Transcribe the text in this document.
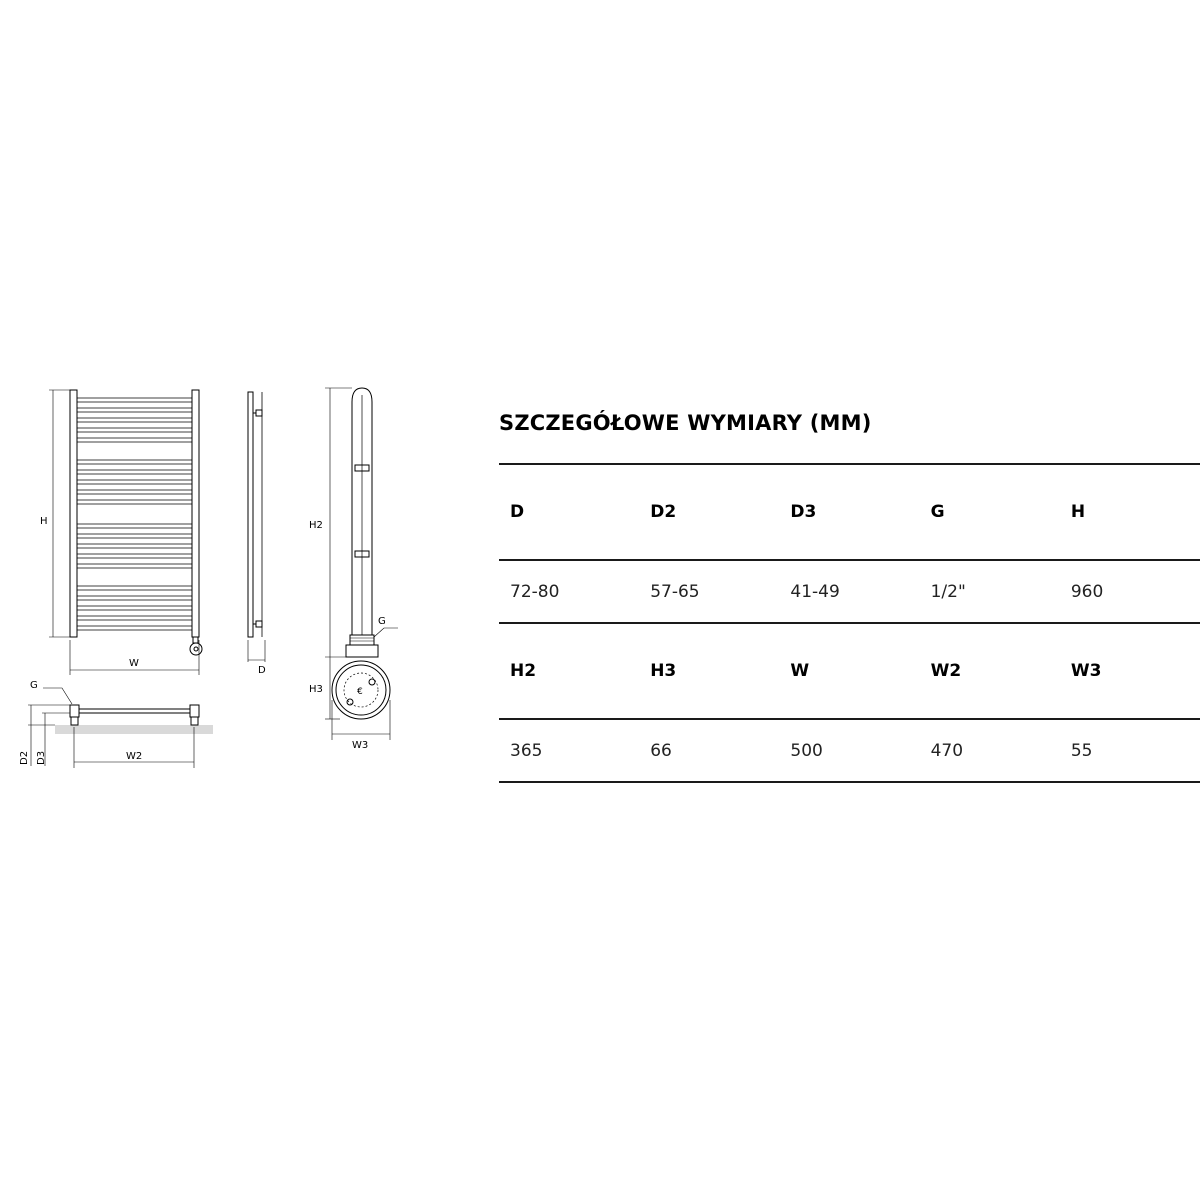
H
W
D
€
H2
H3
G
W3
G
D2 D3	W2
SZCZEGÓŁOWE WYMIARY (MM)
D	D2	D3	G	H
72-80	57-65	41-49	1/2"	960
H2	H3	W	W2	W3
365	66	500	470	55
